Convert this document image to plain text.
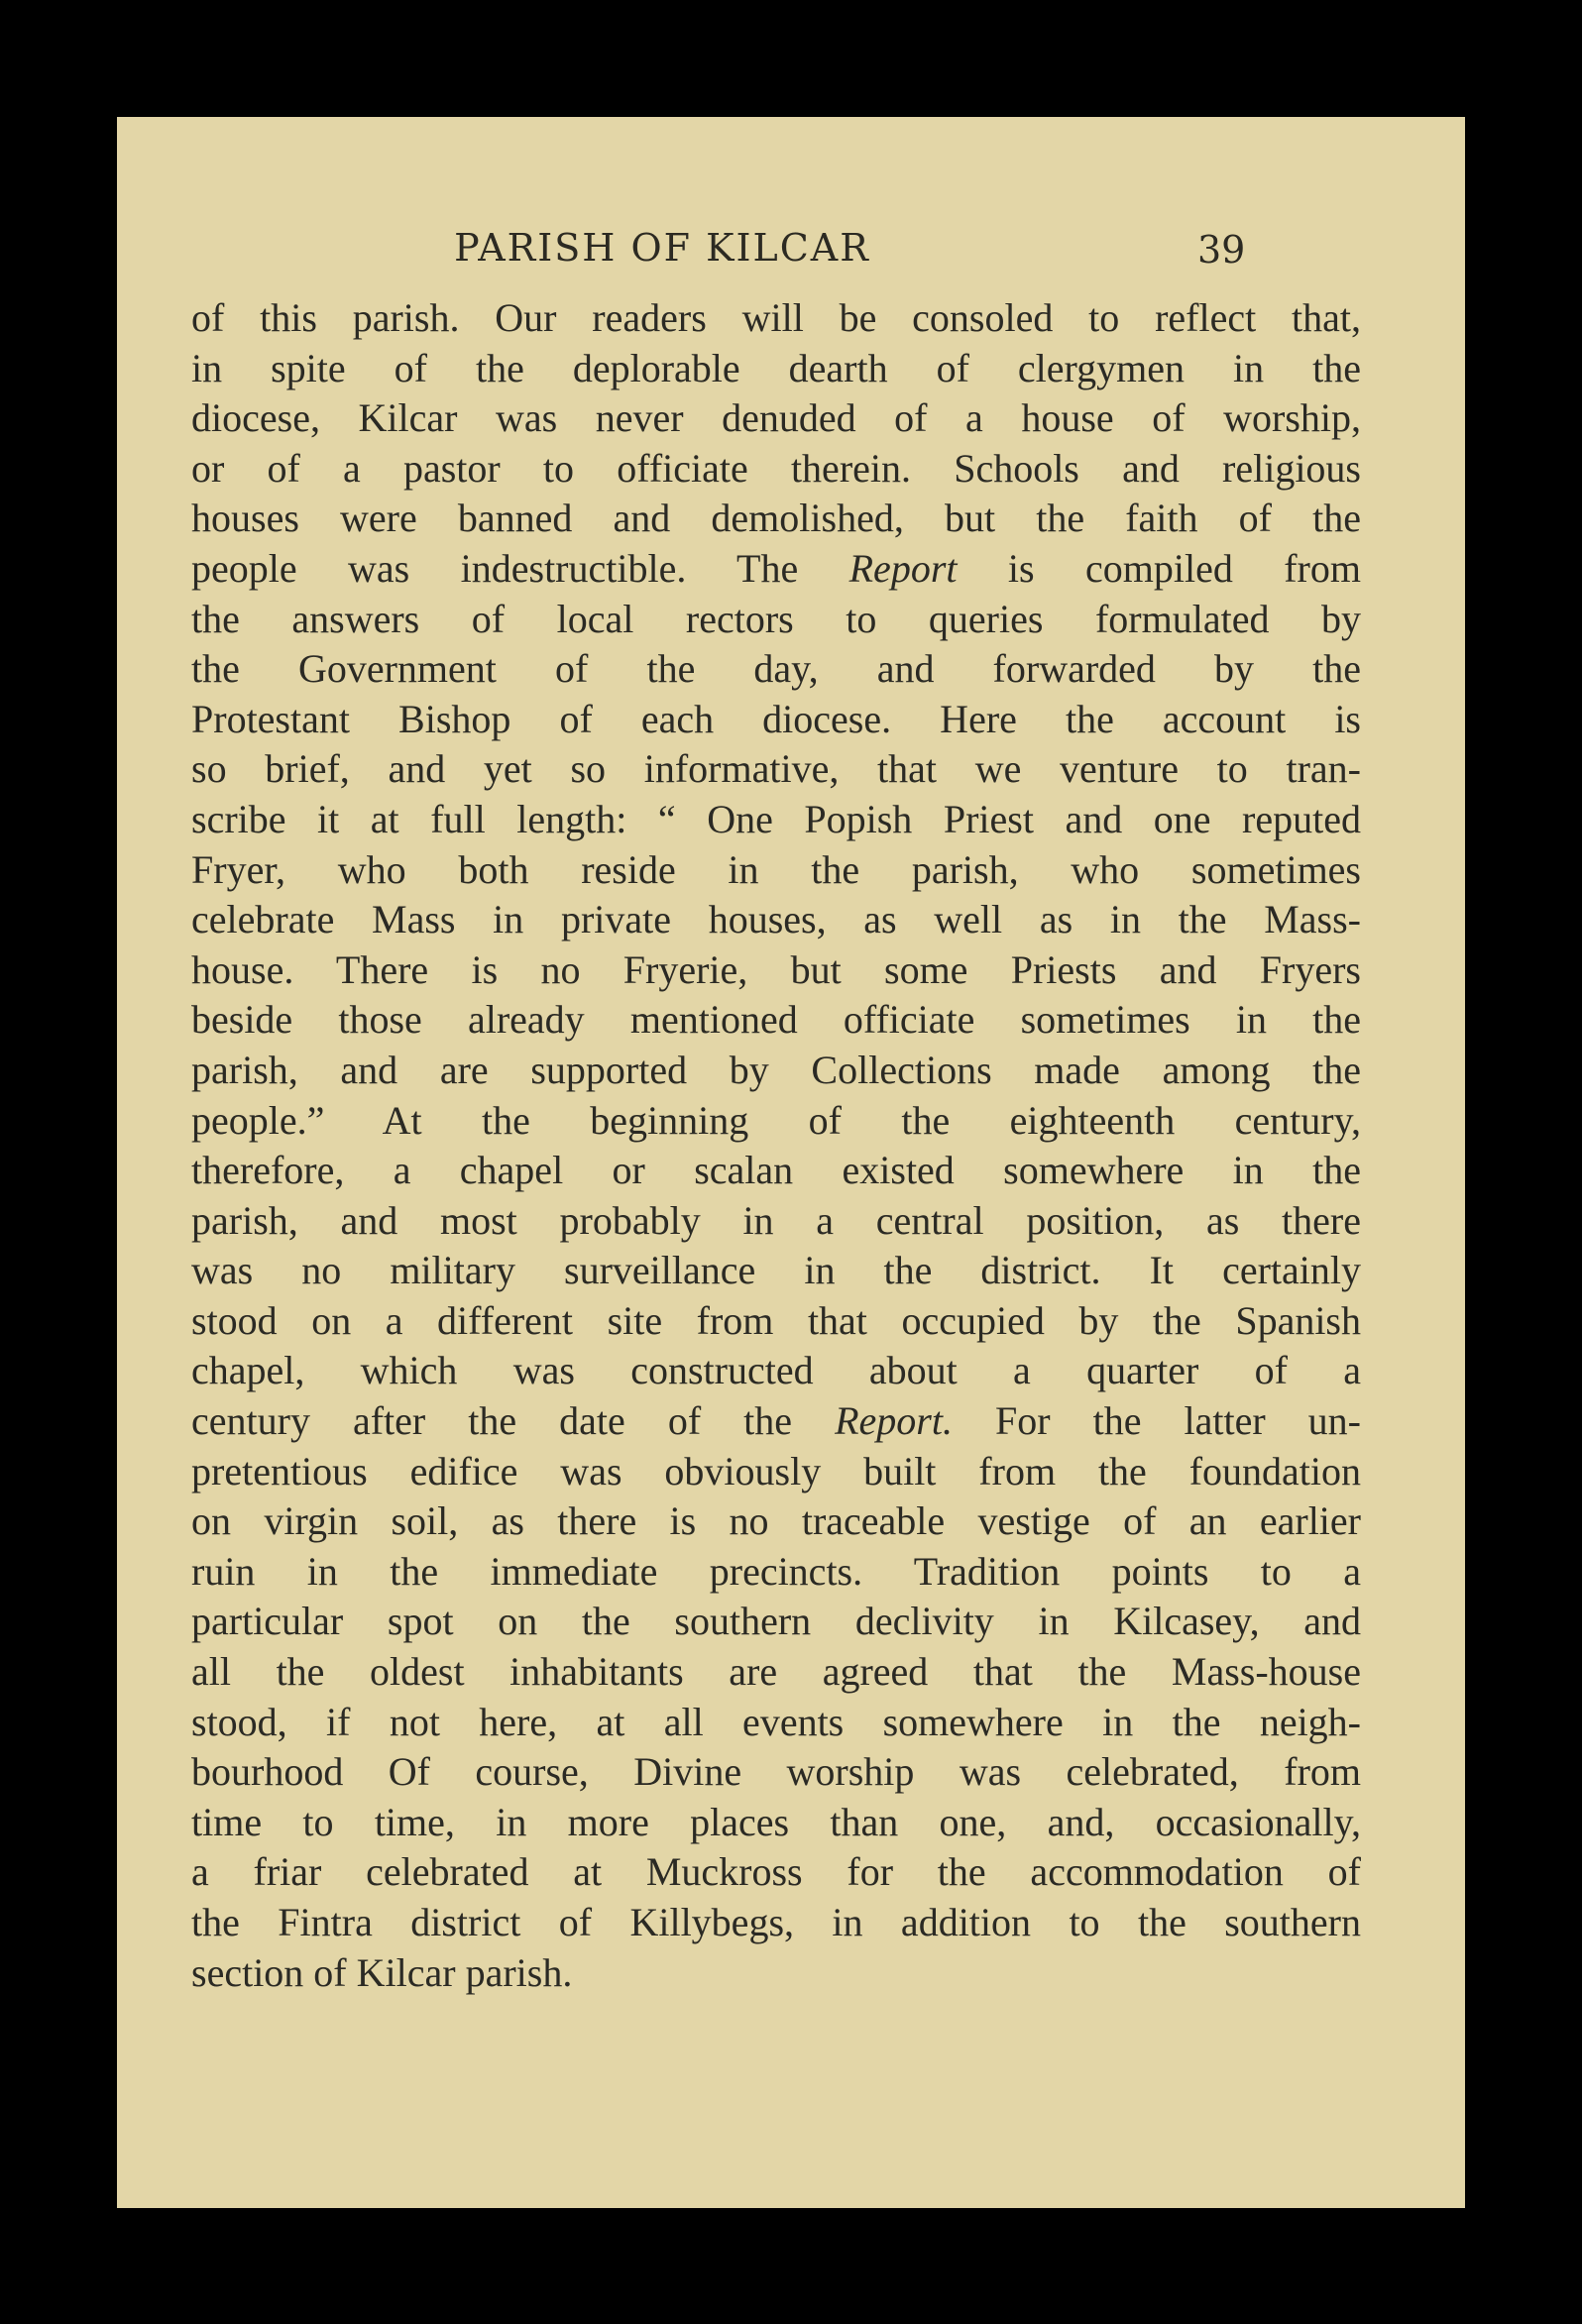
PARISH OF KILCAR	39
of this parish. Our readers will be consoled to reflect that,
in spite of the deplorable dearth of clergymen in the
diocese, Kilcar was never denuded of a house of worship,
or of a pastor to officiate therein. Schools and religious
houses were banned and demolished, but the faith of the
people was indestructible. The Report is compiled from
the answers of local rectors to queries formulated by
the Government of the day, and forwarded by the
Protestant Bishop of each diocese. Here the account is
so brief, and yet so informative, that we venture to tran-
scribe it at full length: “ One Popish Priest and one reputed
Fryer, who both reside in the parish, who sometimes
celebrate Mass in private houses, as well as in the Mass-
house. There is no Fryerie, but some Priests and Fryers
beside those already mentioned officiate sometimes in the
parish, and are supported by Collections made among the
people.” At the beginning of the eighteenth century,
therefore, a chapel or scalan existed somewhere in the
parish, and most probably in a central position, as there
was no military surveillance in the district. It certainly
stood on a different site from that occupied by the Spanish
chapel, which was constructed about a quarter of a
century after the date of the Report. For the latter un-
pretentious edifice was obviously built from the foundation
on virgin soil, as there is no traceable vestige of an earlier
ruin in the immediate precincts. Tradition points to a
particular spot on the southern declivity in Kilcasey, and
all the oldest inhabitants are agreed that the Mass-house
stood, if not here, at all events somewhere in the neigh-
bourhood Of course, Divine worship was celebrated, from
time to time, in more places than one, and, occasionally,
a friar celebrated at Muckross for the accommodation of
the Fintra district of Killybegs, in addition to the southern
section of Kilcar parish.
